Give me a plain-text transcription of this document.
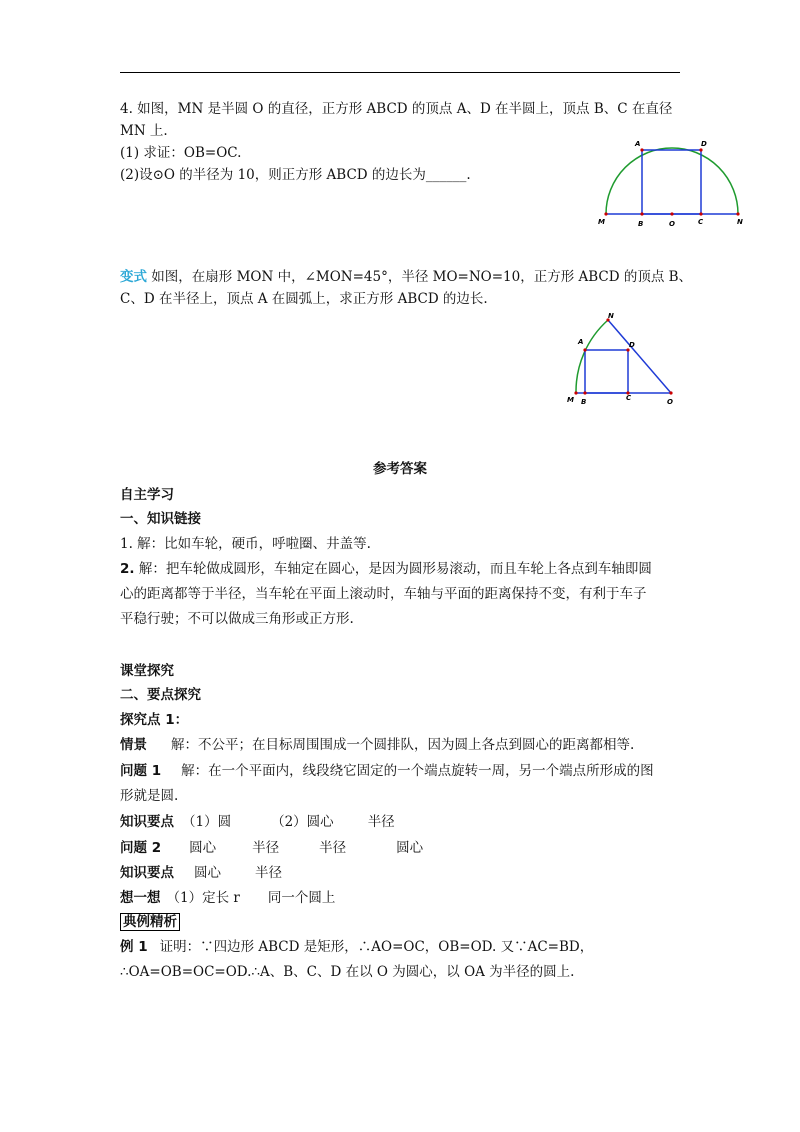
4. 如图，MN 是半圆 O 的直径，正方形 ABCD 的顶点 A、D 在半圆上，顶点 B、C 在直径
MN 上.
(1) 求证：OB=OC.
(2)设⊙O 的半径为 10，则正方形 ABCD 的边长为______.
A	D
M	B	O	C	N
变式 如图，在扇形 MON 中，∠MON=45°，半径 MO=NO=10，正方形 ABCD 的顶点 B、
C、D 在半径上，顶点 A 在圆弧上，求正方形 ABCD 的边长.
N
A	D
M B	C	O
参考答案
自主学习
一、知识链接
1. 解：比如车轮，硬币，呼啦圈、井盖等.
2. 解：把车轮做成圆形，车轴定在圆心，是因为圆形易滚动，而且车轮上各点到车轴即圆
心的距离都等于半径，当车轮在平面上滚动时，车轴与平面的距离保持不变，有利于车子
平稳行驶；不可以做成三角形或正方形.
课堂探究
二、要点探究
探究点 1：
情景 解：不公平；在目标周围围成一个圆排队，因为圆上各点到圆心的距离都相等.
问题 1 解：在一个平面内，线段绕它固定的一个端点旋转一周，另一个端点所形成的图
形就是圆.
知识要点 （1）圆	（2）圆心	半径
问题 2 圆心	半径	半径	圆心
知识要点 圆心	半径
想一想 （1）定长 r 同一个圆上
典例精析
例 1 证明：∵四边形 ABCD 是矩形，∴AO=OC，OB=OD. 又∵AC=BD，
∴OA=OB=OC=OD.∴A、B、C、D 在以 O 为圆心，以 OA 为半径的圆上.
